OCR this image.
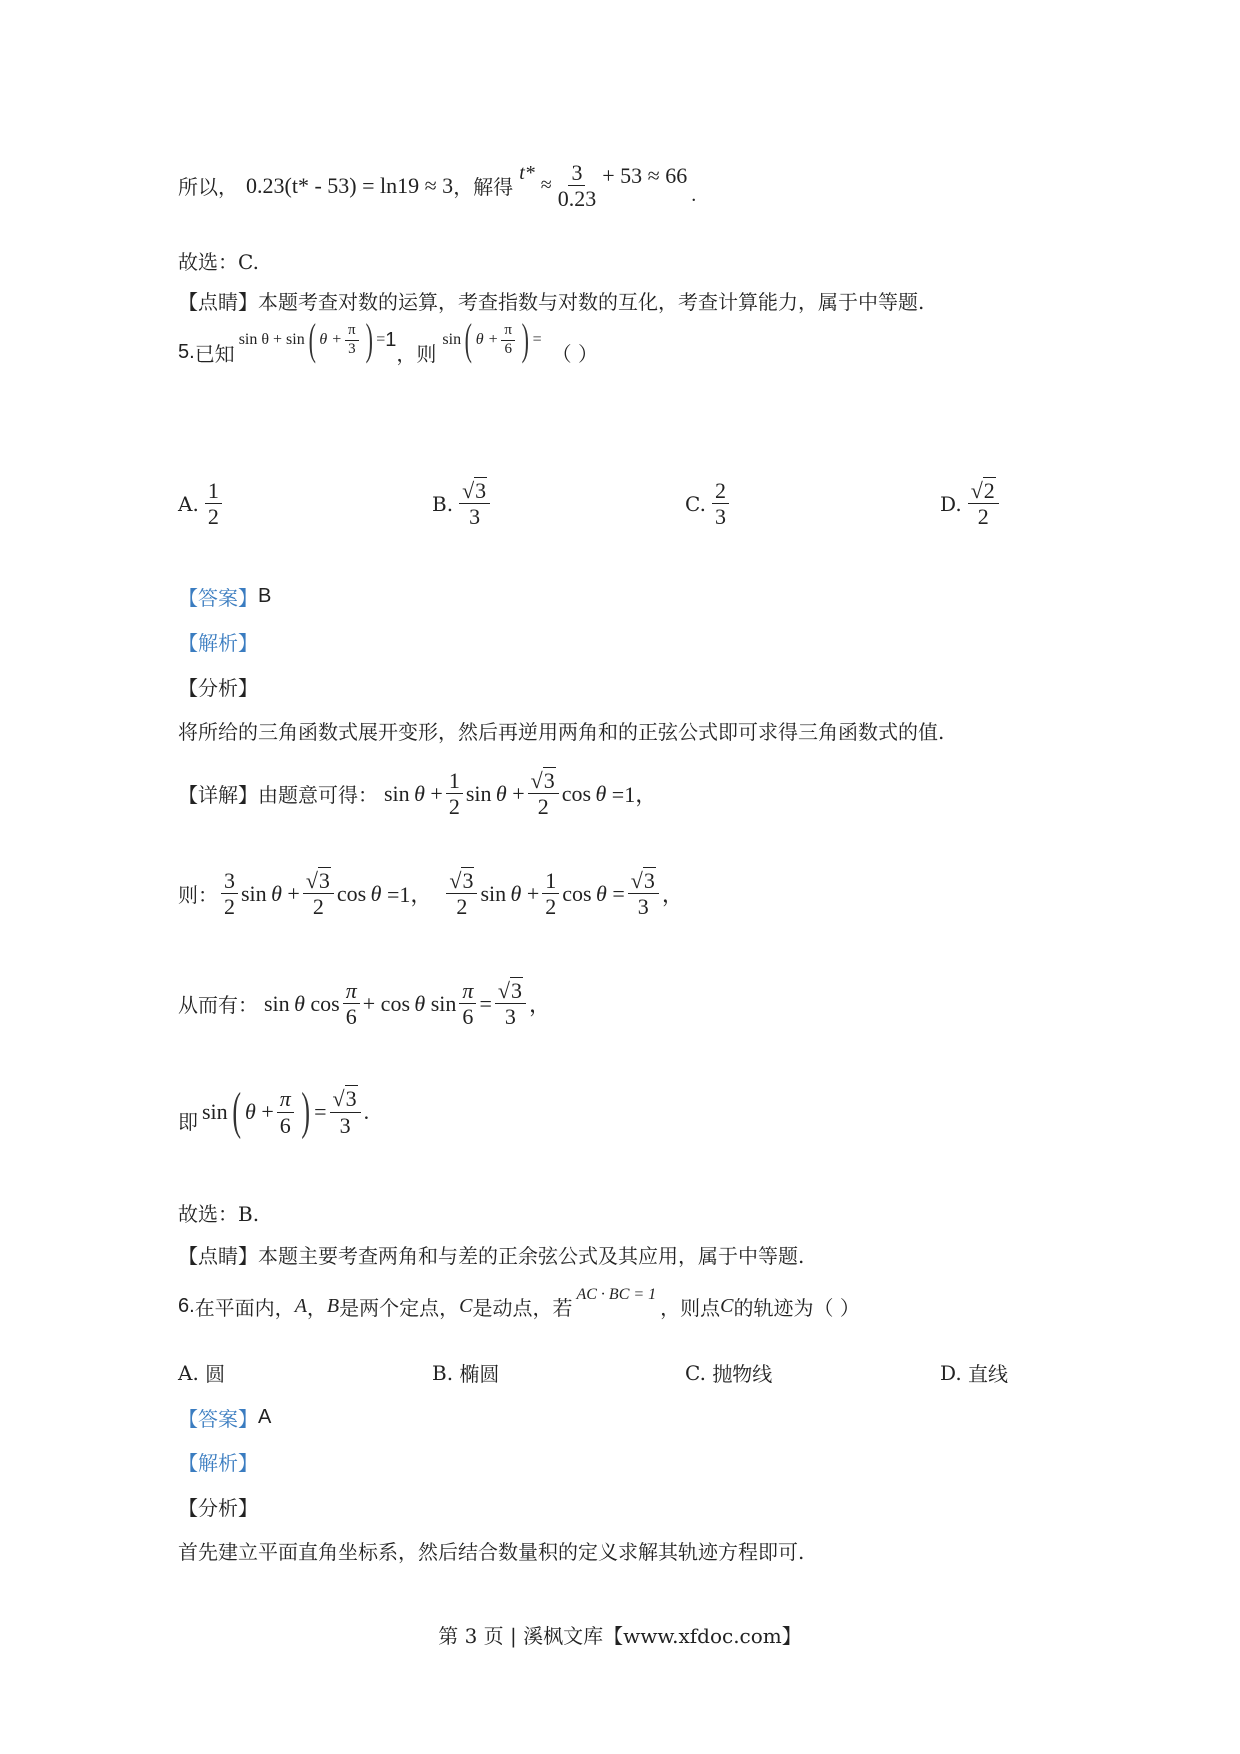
所以， 0.23(t* - 53) = ln19 ≈ 3 ，解得
t*
≈ $\frac{3}{0.23} + 53 \approx 66$
.
故选：C.
【点睛】 本题考查对数的运算，考查指数与对数的互化，考查计算能力，属于中等题.
5. 已知
sin θ + sin ( $\theta + \frac{\pi}{3}$ ) = 1
，则
sin ( $\theta + \frac{\pi}{6}$ ) =
（ ）
A. $\frac{1}{2}$	B. $\frac{√3}{3}$	C. $\frac{2}{3}$	D. $\frac{√2}{2}$
【答案】 B
【解析】
【分析】
将所给的三角函数式展开变形，然后再逆用两角和的正弦公式即可求得三角函数式的值.
【详解】 由题意可得： $\sin \theta + \frac{1}{2}$ $\sin \theta + \frac{√3}{2}$ cos  θ =1，
则： $\frac{3}{2}$ $\sin \theta + \frac{√3}{2}$ cos  θ =1， $\frac{√3}{2}$ $\sin \theta + \frac{1}{2}$ $\cos \theta = \frac{√3}{3}$ ，
从而有： sin  θ $\cos \frac{\pi}{6} + \cos \theta$ $\sin \frac{\pi}{6} = \frac{√3}{3}$ ，
即 sin ( $\theta + \frac{\pi}{6}$ ) = $\frac{√3}{3}$ .
故选：B.
【点睛】 本题主要考查两角和与差的正余弦公式及其应用，属于中等题.
6. 在平面内， A ， B 是两个定点， C 是动点，若
AC · BC = 1
，则点 C 的轨迹为（ ）
A.
圆	B.
椭圆	C.
抛物线	D.
直线
【答案】 A
【解析】
【分析】
首先建立平面直角坐标系，然后结合数量积的定义求解其轨迹方程即可.
第 3 页 | 溪枫文库【www.xfdoc.com】
